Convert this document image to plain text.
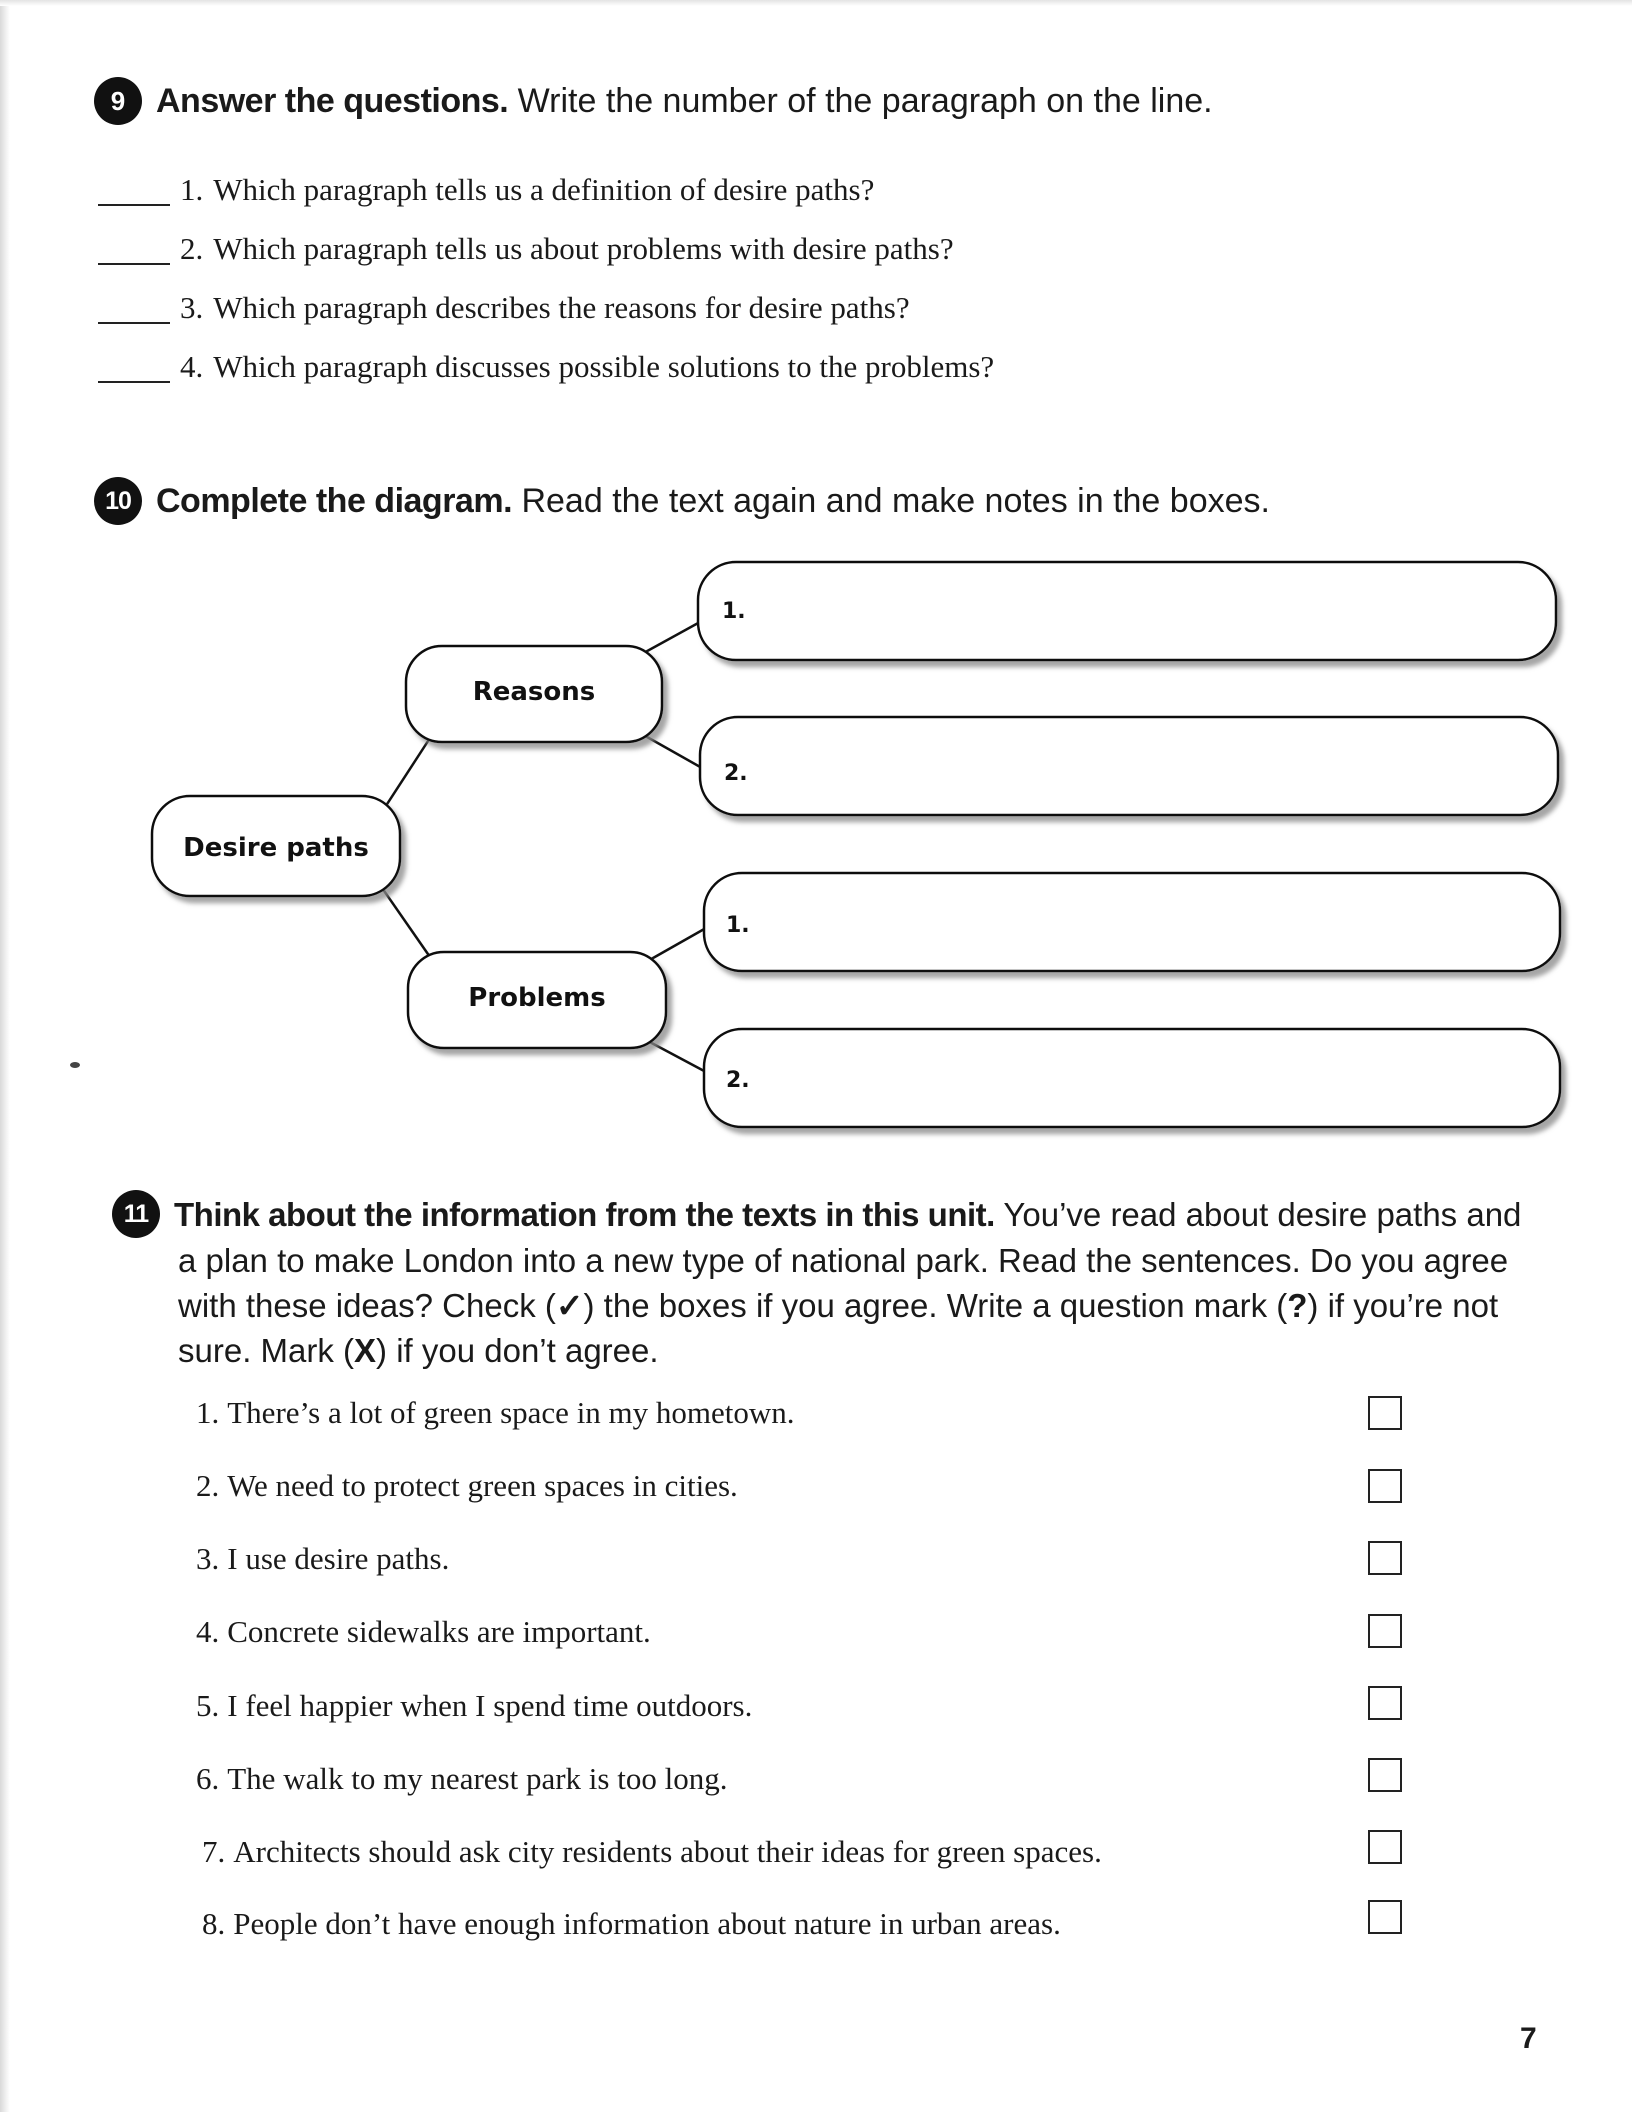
9 Answer the questions. Write the number of the paragraph on the line.
1. Which paragraph tells us a definition of desire paths?
2. Which paragraph tells us about problems with desire paths?
3. Which paragraph describes the reasons for desire paths?
4. Which paragraph discusses possible solutions to the problems?
10 Complete the diagram. Read the text again and make notes in the boxes.
Desire paths
Reasons
Problems
1.
2.
1.
2.
11 Think about the information from the texts in this unit. You’ve read about desire paths and
a plan to make London into a new type of national park. Read the sentences. Do you agree
with these ideas? Check (✓) the boxes if you agree. Write a question mark (?) if you’re not
sure. Mark (X) if you don’t agree.
1. There’s a lot of green space in my hometown.
2. We need to protect green spaces in cities.
3. I use desire paths.
4. Concrete sidewalks are important.
5. I feel happier when I spend time outdoors.
6. The walk to my nearest park is too long.
7. Architects should ask city residents about their ideas for green spaces.
8. People don’t have enough information about nature in urban areas.
7
